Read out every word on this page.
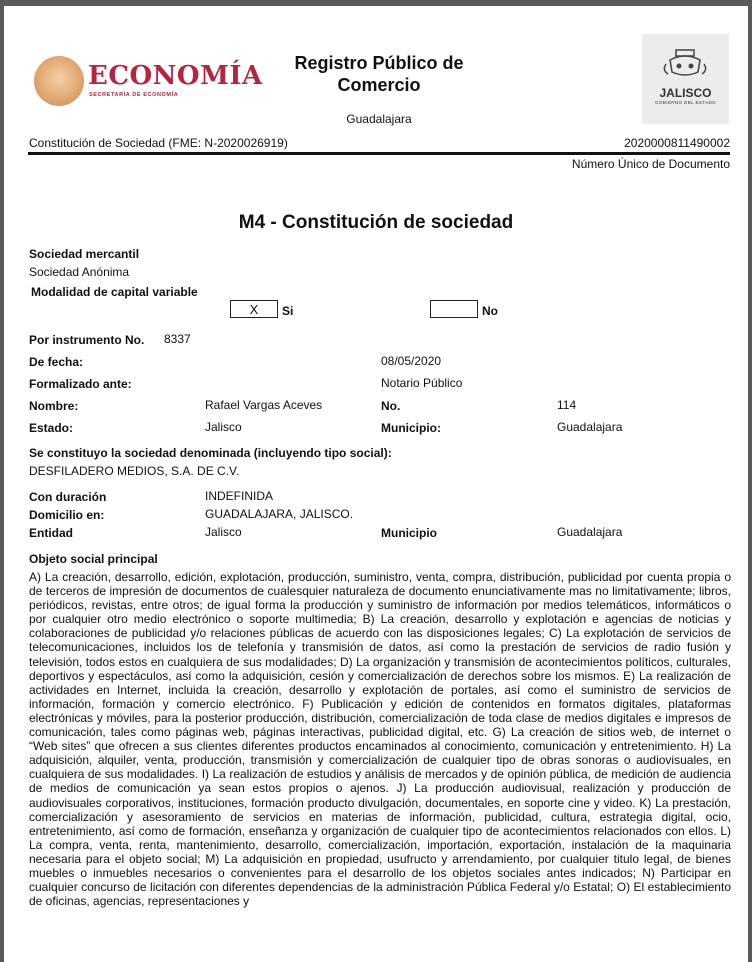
ECONOMÍA
SECRETARÍA DE ECONOMÍA
Registro Público de
Comercio
Guadalajara
JALISCO
GOBIERNO DEL ESTADO
Constitución de Sociedad (FME: N-2020026919)	2020000811490002
Número Único de Documento
M4 - Constitución de sociedad
Sociedad mercantil
Sociedad Anónima
Modalidad de capital variable
X	Si	No
Por instrumento No. 8337
De fecha:	08/05/2020
Formalizado ante:	Notario Público
Nombre:	Rafael Vargas Aceves	No.	114
Estado:	Jalisco	Municipio:	Guadalajara
Se constituyo la sociedad denominada (incluyendo tipo social):
DESFILADERO MEDIOS, S.A. DE C.V.
Con duración	INDEFINIDA
Domicilio en:	GUADALAJARA, JALISCO.
Entidad	Jalisco	Municipio	Guadalajara
Objeto social principal
A) La creación, desarrollo, edición, explotación, producción, suministro, venta, compra, distribución, publicidad por cuenta propia o de terceros de impresión de documentos de cualesquier naturaleza de documento enunciativamente mas no limitativamente; libros, periódicos, revistas, entre otros; de igual forma la producción y suministro de información por medios telemáticos, informáticos o por cualquier otro medio electrónico o soporte multimedia; B) La creación, desarrollo y explotación e agencias de noticias y colaboraciones de publicidad y/o relaciones públicas de acuerdo con las disposiciones legales; C) La explotación de servicios de telecomunicaciones, incluidos los de telefonía y transmisión de datos, así como la prestación de servicios de radio fusión y televisión, todos estos en cualquiera de sus modalidades; D) La organización y transmisión de acontecimientos políticos, culturales, deportivos y espectáculos, así como la adquisición, cesión y comercialización de derechos sobre los mismos. E) La realización de actividades en Internet, incluida la creación, desarrollo y explotación de portales, así como el suministro de servicios de información, formación y comercio electrónico. F) Publicación y edición de contenidos en formatos digitales, plataformas electrónicas y móviles, para la posterior producción, distribución, comercialización de toda clase de medios digitales e impresos de comunicación, tales como páginas web, páginas interactivas, publicidad digital, etc. G) La creación de sitios web, de internet o “Web sites” que ofrecen a sus clientes diferentes productos encaminados al conocimiento, comunicación y entretenimiento. H) La adquisición, alquiler, venta, producción, transmisión y comercialización de cualquier tipo de obras sonoras o audiovisuales, en cualquiera de sus modalidades. I) La realización de estudios y análisis de mercados y de opinión pública, de medición de audiencia de medios de comunicación ya sean estos propios o ajenos. J) La producción audiovisual, realización y producción de audiovisuales corporativos, instituciones, formación producto divulgación, documentales, en soporte cine y video. K) La prestación, comercialización y asesoramiento de servicios en materias de información, publicidad, cultura, estrategia digital, ocio, entretenimiento, así como de formación, enseñanza y organización de cualquier tipo de acontecimientos relacionados con ellos. L) La compra, venta, renta, mantenimiento, desarrollo, comercialización, importación, exportación, instalación de la maquinaria necesaria para el objeto social; M) La adquisición en propiedad, usufructo y arrendamiento, por cualquier titulo legal, de bienes muebles o inmuebles necesarios o convenientes para el desarrollo de los objetos sociales antes indicados; N) Participar en cualquier concurso de licitación con diferentes dependencias de la administración Pública Federal y/o Estatal; O) El establecimiento de oficinas, agencias, representaciones y
